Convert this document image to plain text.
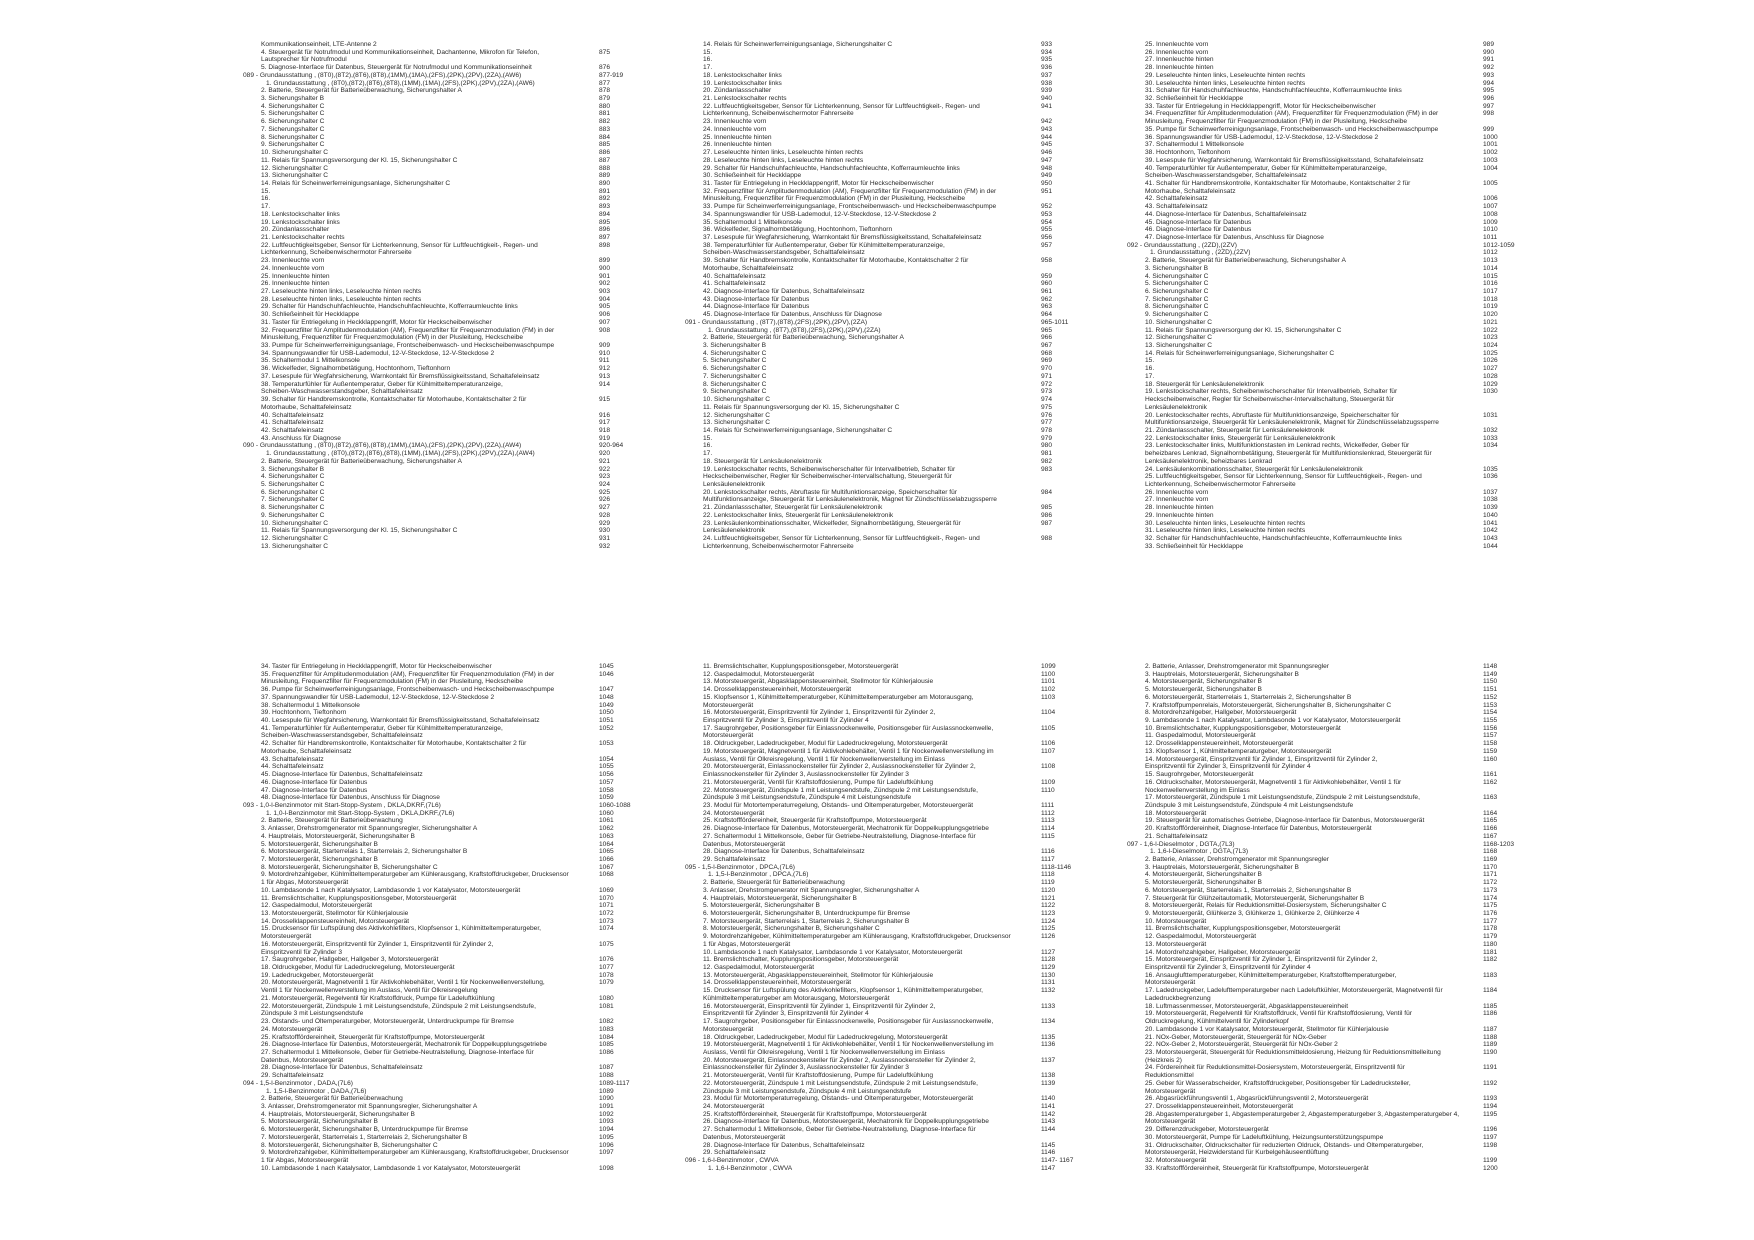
Kommunikationseinheit, LTE-Antenne 2
4. Steuergerät für Notrufmodul und Kommunikationseinheit, Dachantenne, Mikrofon für Telefon,	875
Lautsprecher für Notrufmodul
5. Diagnose-Interface für Datenbus, Steuergerät für Notrufmodul und Kommunikationseinheit	876
089 - Grundausstattung , (8T0),(8T2),(8T6),(8T8),(1MM),(1MA),(2FS),(2PK),(2PV),(2ZA),(AW6)	877-919
1. Grundausstattung , (8T0),(8T2),(8T6),(8T8),(1MM),(1MA),(2FS),(2PK),(2PV),(2ZA),(AW6)	877
2. Batterie, Steuergerät für Batterieüberwachung, Sicherungshalter A	878
3. Sicherungshalter B	879
4. Sicherungshalter C	880
5. Sicherungshalter C	881
6. Sicherungshalter C	882
7. Sicherungshalter C	883
8. Sicherungshalter C	884
9. Sicherungshalter C	885
10. Sicherungshalter C	886
11. Relais für Spannungsversorgung der Kl. 15, Sicherungshalter C	887
12. Sicherungshalter C	888
13. Sicherungshalter C	889
14. Relais für Scheinwerferreinigungsanlage, Sicherungshalter C	890
15.	891
16.	892
17.	893
18. Lenkstockschalter links	894
19. Lenkstockschalter links	895
20. Zündanlassschalter	896
21. Lenkstockschalter rechts	897
22. Luftfeuchtigkeitsgeber, Sensor für Lichterkennung, Sensor für Luftfeuchtigkeit-, Regen- und	898
Lichterkennung, Scheibenwischermotor Fahrerseite
23. Innenleuchte vorn	899
24. Innenleuchte vorn	900
25. Innenleuchte hinten	901
26. Innenleuchte hinten	902
27. Leseleuchte hinten links, Leseleuchte hinten rechts	903
28. Leseleuchte hinten links, Leseleuchte hinten rechts	904
29. Schalter für Handschuhfachleuchte, Handschuhfachleuchte, Kofferraumleuchte links	905
30. Schließeinheit für Heckklappe	906
31. Taster für Entriegelung in Heckklappengriff, Motor für Heckscheibenwischer	907
32. Frequenzfilter für Amplitudenmodulation (AM), Frequenzfilter für Frequenzmodulation (FM) in der	908
Minusleitung, Frequenzfilter für Frequenzmodulation (FM) in der Plusleitung, Heckscheibe
33. Pumpe für Scheinwerferreinigungsanlage, Frontscheibenwasch- und Heckscheibenwaschpumpe	909
34. Spannungswandler für USB-Lademodul, 12-V-Steckdose, 12-V-Steckdose 2	910
35. Schaltermodul 1 Mittelkonsole	911
36. Wickelfeder, Signalhornbetätigung, Hochtonhorn, Tieftonhorn	912
37. Lesespule für Wegfahrsicherung, Warnkontakt für Bremsflüssigkeitsstand, Schaltafeleinsatz	913
38. Temperaturfühler für Außentemperatur, Geber für Kühlmitteltemperaturanzeige,	914
Scheiben-Waschwasserstandsgeber, Schalttafeleinsatz
39. Schalter für Handbremskontrolle, Kontaktschalter für Motorhaube, Kontaktschalter 2 für	915
Motorhaube, Schalttafeleinsatz
40. Schalttafeleinsatz	916
41. Schalttafeleinsatz	917
42. Schalttafeleinsatz	918
43. Anschluss für Diagnose	919
090 - Grundausstattung , (8T0),(8T2),(8T6),(8T8),(1MM),(1MA),(2FS),(2PK),(2PV),(2ZA),(AW4)	920-964
1. Grundausstattung , (8T0),(8T2),(8T6),(8T8),(1MM),(1MA),(2FS),(2PK),(2PV),(2ZA),(AW4)	920
2. Batterie, Steuergerät für Batterieüberwachung, Sicherungshalter A	921
3. Sicherungshalter B	922
4. Sicherungshalter C	923
5. Sicherungshalter C	924
6. Sicherungshalter C	925
7. Sicherungshalter C	926
8. Sicherungshalter C	927
9. Sicherungshalter C	928
10. Sicherungshalter C	929
11. Relais für Spannungsversorgung der Kl. 15, Sicherungshalter C	930
12. Sicherungshalter C	931
13. Sicherungshalter C	932
14. Relais für Scheinwerferreinigungsanlage, Sicherungshalter C	933
15.	934
16.	935
17.	936
18. Lenkstockschalter links	937
19. Lenkstockschalter links	938
20. Zündanlassschalter	939
21. Lenkstockschalter rechts	940
22. Luftfeuchtigkeitsgeber, Sensor für Lichterkennung, Sensor für Luftfeuchtigkeit-, Regen- und	941
Lichterkennung, Scheibenwischermotor Fahrerseite
23. Innenleuchte vorn	942
24. Innenleuchte vorn	943
25. Innenleuchte hinten	944
26. Innenleuchte hinten	945
27. Leseleuchte hinten links, Leseleuchte hinten rechts	946
28. Leseleuchte hinten links, Leseleuchte hinten rechts	947
29. Schalter für Handschuhfachleuchte, Handschuhfachleuchte, Kofferraumleuchte links	948
30. Schließeinheit für Heckklappe	949
31. Taster für Entriegelung in Heckklappengriff, Motor für Heckscheibenwischer	950
32. Frequenzfilter für Amplitudenmodulation (AM), Frequenzfilter für Frequenzmodulation (FM) in der	951
Minusleitung, Frequenzfilter für Frequenzmodulation (FM) in der Plusleitung, Heckscheibe
33. Pumpe für Scheinwerferreinigungsanlage, Frontscheibenwasch- und Heckscheibenwaschpumpe	952
34. Spannungswandler für USB-Lademodul, 12-V-Steckdose, 12-V-Steckdose 2	953
35. Schaltermodul 1 Mittelkonsole	954
36. Wickelfeder, Signalhornbetätigung, Hochtonhorn, Tieftonhorn	955
37. Lesespule für Wegfahrsicherung, Warnkontakt für Bremsflüssigkeitsstand, Schaltafeleinsatz	956
38. Temperaturfühler für Außentemperatur, Geber für Kühlmitteltemperaturanzeige,	957
Scheiben-Waschwasserstandsgeber, Schalttafeleinsatz
39. Schalter für Handbremskontrolle, Kontaktschalter für Motorhaube, Kontaktschalter 2 für	958
Motorhaube, Schalttafeleinsatz
40. Schalttafeleinsatz	959
41. Schalttafeleinsatz	960
42. Diagnose-Interface für Datenbus, Schalttafeleinsatz	961
43. Diagnose-Interface für Datenbus	962
44. Diagnose-Interface für Datenbus	963
45. Diagnose-Interface für Datenbus, Anschluss für Diagnose	964
091 - Grundausstattung , (8T7),(8T8),(2FS),(2PK),(2PV),(2ZA)	965-1011
1. Grundausstattung , (8T7),(8T8),(2FS),(2PK),(2PV),(2ZA)	965
2. Batterie, Steuergerät für Batterieüberwachung, Sicherungshalter A	966
3. Sicherungshalter B	967
4. Sicherungshalter C	968
5. Sicherungshalter C	969
6. Sicherungshalter C	970
7. Sicherungshalter C	971
8. Sicherungshalter C	972
9. Sicherungshalter C	973
10. Sicherungshalter C	974
11. Relais für Spannungsversorgung der Kl. 15, Sicherungshalter C	975
12. Sicherungshalter C	976
13. Sicherungshalter C	977
14. Relais für Scheinwerferreinigungsanlage, Sicherungshalter C	978
15.	979
16.	980
17.	981
18. Steuergerät für Lenksäulenelektronik	982
19. Lenkstockschalter rechts, Scheibenwischerschalter für Intervallbetrieb, Schalter für	983
Heckscheibenwischer, Regler für Scheibenwischer-Intervallschaltung, Steuergerät für
Lenksäulenelektronik
20. Lenkstockschalter rechts, Abruftaste für Multifunktionsanzeige, Speicherschalter für	984
Multifunktionsanzeige, Steuergerät für Lenksäulenelektronik, Magnet für Zündschlüsselabzugssperre
21. Zündanlassschalter, Steuergerät für Lenksäulenelektronik	985
22. Lenkstockschalter links, Steuergerät für Lenksäulenelektronik	986
23. Lenksäulenkombinationsschalter, Wickelfeder, Signalhornbetätigung, Steuergerät für	987
Lenksäulenelektronik
24. Luftfeuchtigkeitsgeber, Sensor für Lichterkennung, Sensor für Luftfeuchtigkeit-, Regen- und	988
Lichterkennung, Scheibenwischermotor Fahrerseite
25. Innenleuchte vorn	989
26. Innenleuchte vorn	990
27. Innenleuchte hinten	991
28. Innenleuchte hinten	992
29. Leseleuchte hinten links, Leseleuchte hinten rechts	993
30. Leseleuchte hinten links, Leseleuchte hinten rechts	994
31. Schalter für Handschuhfachleuchte, Handschuhfachleuchte, Kofferraumleuchte links	995
32. Schließeinheit für Heckklappe	996
33. Taster für Entriegelung in Heckklappengriff, Motor für Heckscheibenwischer	997
34. Frequenzfilter für Amplitudenmodulation (AM), Frequenzfilter für Frequenzmodulation (FM) in der	998
Minusleitung, Frequenzfilter für Frequenzmodulation (FM) in der Plusleitung, Heckscheibe
35. Pumpe für Scheinwerferreinigungsanlage, Frontscheibenwasch- und Heckscheibenwaschpumpe	999
36. Spannungswandler für USB-Lademodul, 12-V-Steckdose, 12-V-Steckdose 2	1000
37. Schaltermodul 1 Mittelkonsole	1001
38. Hochtonhorn, Tieftonhorn	1002
39. Lesespule für Wegfahrsicherung, Warnkontakt für Bremsflüssigkeitsstand, Schaltafeleinsatz	1003
40. Temperaturfühler für Außentemperatur, Geber für Kühlmitteltemperaturanzeige,	1004
Scheiben-Waschwasserstandsgeber, Schalttafeleinsatz
41. Schalter für Handbremskontrolle, Kontaktschalter für Motorhaube, Kontaktschalter 2 für	1005
Motorhaube, Schalttafeleinsatz
42. Schalttafeleinsatz	1006
43. Schalttafeleinsatz	1007
44. Diagnose-Interface für Datenbus, Schalttafeleinsatz	1008
45. Diagnose-Interface für Datenbus	1009
46. Diagnose-Interface für Datenbus	1010
47. Diagnose-Interface für Datenbus, Anschluss für Diagnose	1011
092 - Grundausstattung , (2ZD),(2ZV)	1012-1059
1. Grundausstattung , (2ZD),(2ZV)	1012
2. Batterie, Steuergerät für Batterieüberwachung, Sicherungshalter A	1013
3. Sicherungshalter B	1014
4. Sicherungshalter C	1015
5. Sicherungshalter C	1016
6. Sicherungshalter C	1017
7. Sicherungshalter C	1018
8. Sicherungshalter C	1019
9. Sicherungshalter C	1020
10. Sicherungshalter C	1021
11. Relais für Spannungsversorgung der Kl. 15, Sicherungshalter C	1022
12. Sicherungshalter C	1023
13. Sicherungshalter C	1024
14. Relais für Scheinwerferreinigungsanlage, Sicherungshalter C	1025
15.	1026
16.	1027
17.	1028
18. Steuergerät für Lenksäulenelektronik	1029
19. Lenkstockschalter rechts, Scheibenwischerschalter für Intervallbetrieb, Schalter für	1030
Heckscheibenwischer, Regler für Scheibenwischer-Intervallschaltung, Steuergerät für
Lenksäulenelektronik
20. Lenkstockschalter rechts, Abruftaste für Multifunktionsanzeige, Speicherschalter für	1031
Multifunktionsanzeige, Steuergerät für Lenksäulenelektronik, Magnet für Zündschlüsselabzugssperre
21. Zündanlassschalter, Steuergerät für Lenksäulenelektronik	1032
22. Lenkstockschalter links, Steuergerät für Lenksäulenelektronik	1033
23. Lenkstockschalter links, Multifunktionstasten im Lenkrad rechts, Wickelfeder, Geber für	1034
beheizbares Lenkrad, Signalhornbetätigung, Steuergerät für Multifunktionslenkrad, Steuergerät für
Lenksäulenelektronik, beheizbares Lenkrad
24. Lenksäulenkombinationsschalter, Steuergerät für Lenksäulenelektronik	1035
25. Luftfeuchtigkeitsgeber, Sensor für Lichterkennung, Sensor für Luftfeuchtigkeit-, Regen- und	1036
Lichterkennung, Scheibenwischermotor Fahrerseite
26. Innenleuchte vorn	1037
27. Innenleuchte vorn	1038
28. Innenleuchte hinten	1039
29. Innenleuchte hinten	1040
30. Leseleuchte hinten links, Leseleuchte hinten rechts	1041
31. Leseleuchte hinten links, Leseleuchte hinten rechts	1042
32. Schalter für Handschuhfachleuchte, Handschuhfachleuchte, Kofferraumleuchte links	1043
33. Schließeinheit für Heckklappe	1044
34. Taster für Entriegelung in Heckklappengriff, Motor für Heckscheibenwischer	1045
35. Frequenzfilter für Amplitudenmodulation (AM), Frequenzfilter für Frequenzmodulation (FM) in der	1046
Minusleitung, Frequenzfilter für Frequenzmodulation (FM) in der Plusleitung, Heckscheibe
36. Pumpe für Scheinwerferreinigungsanlage, Frontscheibenwasch- und Heckscheibenwaschpumpe	1047
37. Spannungswandler für USB-Lademodul, 12-V-Steckdose, 12-V-Steckdose 2	1048
38. Schaltermodul 1 Mittelkonsole	1049
39. Hochtonhorn, Tieftonhorn	1050
40. Lesespule für Wegfahrsicherung, Warnkontakt für Bremsflüssigkeitsstand, Schaltafeleinsatz	1051
41. Temperaturfühler für Außentemperatur, Geber für Kühlmitteltemperaturanzeige,	1052
Scheiben-Waschwasserstandsgeber, Schalttafeleinsatz
42. Schalter für Handbremskontrolle, Kontaktschalter für Motorhaube, Kontaktschalter 2 für	1053
Motorhaube, Schalttafeleinsatz
43. Schalttafeleinsatz	1054
44. Schalttafeleinsatz	1055
45. Diagnose-Interface für Datenbus, Schalttafeleinsatz	1056
46. Diagnose-Interface für Datenbus	1057
47. Diagnose-Interface für Datenbus	1058
48. Diagnose-Interface für Datenbus, Anschluss für Diagnose	1059
093 - 1,0-l-Benzinmotor mit Start-Stopp-System , DKLA,DKRF,(7L6)	1060-1088
1. 1,0-l-Benzinmotor mit Start-Stopp-System , DKLA,DKRF,(7L6)	1060
2. Batterie, Steuergerät für Batterieüberwachung	1061
3. Anlasser, Drehstromgenerator mit Spannungsregler, Sicherungshalter A	1062
4. Hauptrelais, Motorsteuergerät, Sicherungshalter B	1063
5. Motorsteuergerät, Sicherungshalter B	1064
6. Motorsteuergerät, Starterrelais 1, Starterrelais 2, Sicherungshalter B	1065
7. Motorsteuergerät, Sicherungshalter B	1066
8. Motorsteuergerät, Sicherungshalter B, Sicherungshalter C	1067
9. Motordrehzahlgeber, Kühlmitteltemperaturgeber am Kühlerausgang, Kraftstoffdruckgeber, Drucksensor	1068
1 für Abgas, Motorsteuergerät
10. Lambdasonde 1 nach Katalysator, Lambdasonde 1 vor Katalysator, Motorsteuergerät	1069
11. Bremslichtschalter, Kupplungspositionsgeber, Motorsteuergerät	1070
12. Gaspedalmodul, Motorsteuergerät	1071
13. Motorsteuergerät, Stellmotor für Kühlerjalousie	1072
14. Drosselklappensteuereinheit, Motorsteuergerät	1073
15. Drucksensor für Luftspülung des Aktivkohlefilters, Klopfsensor 1, Kühlmitteltemperaturgeber,	1074
Motorsteuergerät
16. Motorsteuergerät, Einspritzventil für Zylinder 1, Einspritzventil für Zylinder 2,	1075
Einspritzventil für Zylinder 3
17. Saugrohrgeber, Hallgeber, Hallgeber 3, Motorsteuergerät	1076
18. Öldruckgeber, Modul für Ladedruckregelung, Motorsteuergerät	1077
19. Ladedruckgeber, Motorsteuergerät	1078
20. Motorsteuergerät, Magnetventil 1 für Aktivkohlebehälter, Ventil 1 für Nockenwellenverstellung,	1079
Ventil 1 für Nockenwellenverstellung im Auslass, Ventil für Ölkreisregelung
21. Motorsteuergerät, Regelventil für Kraftstoffdruck, Pumpe für Ladeluftkühlung	1080
22. Motorsteuergerät, Zündspule 1 mit Leistungsendstufe, Zündspule 2 mit Leistungsendstufe,	1081
Zündspule 3 mit Leistungsendstufe
23. Ölstands- und Öltemperaturgeber, Motorsteuergerät, Unterdruckpumpe für Bremse	1082
24. Motorsteuergerät	1083
25. Kraftstofffördereinheit, Steuergerät für Kraftstoffpumpe, Motorsteuergerät	1084
26. Diagnose-Interface für Datenbus, Motorsteuergerät, Mechatronik für Doppelkupplungsgetriebe	1085
27. Schaltermodul 1 Mittelkonsole, Geber für Getriebe-Neutralstellung, Diagnose-Interface für	1086
Datenbus, Motorsteuergerät
28. Diagnose-Interface für Datenbus, Schalttafeleinsatz	1087
29. Schalttafeleinsatz	1088
094 - 1,5-l-Benzinmotor , DADA,(7L6)	1089-1117
1. 1,5-l-Benzinmotor , DADA,(7L6)	1089
2. Batterie, Steuergerät für Batterieüberwachung	1090
3. Anlasser, Drehstromgenerator mit Spannungsregler, Sicherungshalter A	1091
4. Hauptrelais, Motorsteuergerät, Sicherungshalter B	1092
5. Motorsteuergerät, Sicherungshalter B	1093
6. Motorsteuergerät, Sicherungshalter B, Unterdruckpumpe für Bremse	1094
7. Motorsteuergerät, Starterrelais 1, Starterrelais 2, Sicherungshalter B	1095
8. Motorsteuergerät, Sicherungshalter B, Sicherungshalter C	1096
9. Motordrehzahlgeber, Kühlmitteltemperaturgeber am Kühlerausgang, Kraftstoffdruckgeber, Drucksensor	1097
1 für Abgas, Motorsteuergerät
10. Lambdasonde 1 nach Katalysator, Lambdasonde 1 vor Katalysator, Motorsteuergerät	1098
11. Bremslichtschalter, Kupplungspositionsgeber, Motorsteuergerät	1099
12. Gaspedalmodul, Motorsteuergerät	1100
13. Motorsteuergerät, Abgasklappensteuereinheit, Stellmotor für Kühlerjalousie	1101
14. Drosselklappensteuereinheit, Motorsteuergerät	1102
15. Klopfsensor 1, Kühlmitteltemperaturgeber, Kühlmitteltemperaturgeber am Motorausgang,	1103
Motorsteuergerät
16. Motorsteuergerät, Einspritzventil für Zylinder 1, Einspritzventil für Zylinder 2,	1104
Einspritzventil für Zylinder 3, Einspritzventil für Zylinder 4
17. Saugrohrgeber, Positionsgeber für Einlassnockenwelle, Positionsgeber für Auslassnockenwelle,	1105
Motorsteuergerät
18. Öldruckgeber, Ladedruckgeber, Modul für Ladedruckregelung, Motorsteuergerät	1106
19. Motorsteuergerät, Magnetventil 1 für Aktivkohlebehälter, Ventil 1 für Nockenwellenverstellung im	1107
Auslass, Ventil für Ölkreisregelung, Ventil 1 für Nockenwellenverstellung im Einlass
20. Motorsteuergerät, Einlassnockensteller für Zylinder 2, Auslassnockensteller für Zylinder 2,	1108
Einlassnockensteller für Zylinder 3, Auslassnockensteller für Zylinder 3
21. Motorsteuergerät, Ventil für Kraftstoffdosierung, Pumpe für Ladeluftkühlung	1109
22. Motorsteuergerät, Zündspule 1 mit Leistungsendstufe, Zündspule 2 mit Leistungsendstufe,	1110
Zündspule 3 mit Leistungsendstufe, Zündspule 4 mit Leistungsendstufe
23. Modul für Motortemperaturregelung, Ölstands- und Öltemperaturgeber, Motorsteuergerät	1111
24. Motorsteuergerät	1112
25. Kraftstofffördereinheit, Steuergerät für Kraftstoffpumpe, Motorsteuergerät	1113
26. Diagnose-Interface für Datenbus, Motorsteuergerät, Mechatronik für Doppelkupplungsgetriebe	1114
27. Schaltermodul 1 Mittelkonsole, Geber für Getriebe-Neutralstellung, Diagnose-Interface für	1115
Datenbus, Motorsteuergerät
28. Diagnose-Interface für Datenbus, Schalttafeleinsatz	1116
29. Schalttafeleinsatz	1117
095 - 1,5-l-Benzinmotor , DPCA,(7L6)	1118-1146
1. 1,5-l-Benzinmotor , DPCA,(7L6)	1118
2. Batterie, Steuergerät für Batterieüberwachung	1119
3. Anlasser, Drehstromgenerator mit Spannungsregler, Sicherungshalter A	1120
4. Hauptrelais, Motorsteuergerät, Sicherungshalter B	1121
5. Motorsteuergerät, Sicherungshalter B	1122
6. Motorsteuergerät, Sicherungshalter B, Unterdruckpumpe für Bremse	1123
7. Motorsteuergerät, Starterrelais 1, Starterrelais 2, Sicherungshalter B	1124
8. Motorsteuergerät, Sicherungshalter B, Sicherungshalter C	1125
9. Motordrehzahlgeber, Kühlmitteltemperaturgeber am Kühlerausgang, Kraftstoffdruckgeber, Drucksensor	1126
1 für Abgas, Motorsteuergerät
10. Lambdasonde 1 nach Katalysator, Lambdasonde 1 vor Katalysator, Motorsteuergerät	1127
11. Bremslichtschalter, Kupplungspositionsgeber, Motorsteuergerät	1128
12. Gaspedalmodul, Motorsteuergerät	1129
13. Motorsteuergerät, Abgasklappensteuereinheit, Stellmotor für Kühlerjalousie	1130
14. Drosselklappensteuereinheit, Motorsteuergerät	1131
15. Drucksensor für Luftspülung des Aktivkohlefilters, Klopfsensor 1, Kühlmitteltemperaturgeber,	1132
Kühlmitteltemperaturgeber am Motorausgang, Motorsteuergerät
16. Motorsteuergerät, Einspritzventil für Zylinder 1, Einspritzventil für Zylinder 2,	1133
Einspritzventil für Zylinder 3, Einspritzventil für Zylinder 4
17. Saugrohrgeber, Positionsgeber für Einlassnockenwelle, Positionsgeber für Auslassnockenwelle,	1134
Motorsteuergerät
18. Öldruckgeber, Ladedruckgeber, Modul für Ladedruckregelung, Motorsteuergerät	1135
19. Motorsteuergerät, Magnetventil 1 für Aktivkohlebehälter, Ventil 1 für Nockenwellenverstellung im	1136
Auslass, Ventil für Ölkreisregelung, Ventil 1 für Nockenwellenverstellung im Einlass
20. Motorsteuergerät, Einlassnockensteller für Zylinder 2, Auslassnockensteller für Zylinder 2,	1137
Einlassnockensteller für Zylinder 3, Auslassnockensteller für Zylinder 3
21. Motorsteuergerät, Ventil für Kraftstoffdosierung, Pumpe für Ladeluftkühlung	1138
22. Motorsteuergerät, Zündspule 1 mit Leistungsendstufe, Zündspule 2 mit Leistungsendstufe,	1139
Zündspule 3 mit Leistungsendstufe, Zündspule 4 mit Leistungsendstufe
23. Modul für Motortemperaturregelung, Ölstands- und Öltemperaturgeber, Motorsteuergerät	1140
24. Motorsteuergerät	1141
25. Kraftstofffördereinheit, Steuergerät für Kraftstoffpumpe, Motorsteuergerät	1142
26. Diagnose-Interface für Datenbus, Motorsteuergerät, Mechatronik für Doppelkupplungsgetriebe	1143
27. Schaltermodul 1 Mittelkonsole, Geber für Getriebe-Neutralstellung, Diagnose-Interface für	1144
Datenbus, Motorsteuergerät
28. Diagnose-Interface für Datenbus, Schalttafeleinsatz	1145
29. Schalttafeleinsatz	1146
096 - 1,6-l-Benzinmotor , CWVA	1147- 1167
1. 1,6-l-Benzinmotor , CWVA	1147
2. Batterie, Anlasser, Drehstromgenerator mit Spannungsregler	1148
3. Hauptrelais, Motorsteuergerät, Sicherungshalter B	1149
4. Motorsteuergerät, Sicherungshalter B	1150
5. Motorsteuergerät, Sicherungshalter B	1151
6. Motorsteuergerät, Starterrelais 1, Starterrelais 2, Sicherungshalter B	1152
7. Kraftstoffpumpenrelais, Motorsteuergerät, Sicherungshalter B, Sicherungshalter C	1153
8. Motordrehzahlgeber, Hallgeber, Motorsteuergerät	1154
9. Lambdasonde 1 nach Katalysator, Lambdasonde 1 vor Katalysator, Motorsteuergerät	1155
10. Bremslichtschalter, Kupplungspositionsgeber, Motorsteuergerät	1156
11. Gaspedalmodul, Motorsteuergerät	1157
12. Drosselklappensteuereinheit, Motorsteuergerät	1158
13. Klopfsensor 1, Kühlmitteltemperaturgeber, Motorsteuergerät	1159
14. Motorsteuergerät, Einspritzventil für Zylinder 1, Einspritzventil für Zylinder 2,	1160
Einspritzventil für Zylinder 3, Einspritzventil für Zylinder 4
15. Saugrohrgeber, Motorsteuergerät	1161
16. Öldruckschalter, Motorsteuergerät, Magnetventil 1 für Aktivkohlebehälter, Ventil 1 für	1162
Nockenwellenverstellung im Einlass
17. Motorsteuergerät, Zündspule 1 mit Leistungsendstufe, Zündspule 2 mit Leistungsendstufe,	1163
Zündspule 3 mit Leistungsendstufe, Zündspule 4 mit Leistungsendstufe
18. Motorsteuergerät	1164
19. Steuergerät für automatisches Getriebe, Diagnose-Interface für Datenbus, Motorsteuergerät	1165
20. Kraftstofffördereinheit, Diagnose-Interface für Datenbus, Motorsteuergerät	1166
21. Schalttafeleinsatz	1167
097 - 1,6-l-Dieselmotor , DGTA,(7L3)	1168-1203
1. 1,6-l-Dieselmotor , DGTA,(7L3)	1168
2. Batterie, Anlasser, Drehstromgenerator mit Spannungsregler	1169
3. Hauptrelais, Motorsteuergerät, Sicherungshalter B	1170
4. Motorsteuergerät, Sicherungshalter B	1171
5. Motorsteuergerät, Sicherungshalter B	1172
6. Motorsteuergerät, Starterrelais 1, Starterrelais 2, Sicherungshalter B	1173
7. Steuergerät für Glühzeitautomatik, Motorsteuergerät, Sicherungshalter B	1174
8. Motorsteuergerät, Relais für Reduktionsmittel-Dosiersystem, Sicherungshalter C	1175
9. Motorsteuergerät, Glühkerze 3, Glühkerze 1, Glühkerze 2, Glühkerze 4	1176
10. Motorsteuergerät	1177
11. Bremslichtschalter, Kupplungspositionsgeber, Motorsteuergerät	1178
12. Gaspedalmodul, Motorsteuergerät	1179
13. Motorsteuergerät	1180
14. Motordrehzahlgeber, Hallgeber, Motorsteuergerät	1181
15. Motorsteuergerät, Einspritzventil für Zylinder 1, Einspritzventil für Zylinder 2,	1182
Einspritzventil für Zylinder 3, Einspritzventil für Zylinder 4
16. Ansauglufttemperaturgeber, Kühlmitteltemperaturgeber, Kraftstofftemperaturgeber,	1183
Motorsteuergerät
17. Ladedruckgeber, Ladelufttemperaturgeber nach Ladeluftkühler, Motorsteuergerät, Magnetventil für	1184
Ladedruckbegrenzung
18. Luftmassenmesser, Motorsteuergerät, Abgasklappensteuereinheit	1185
19. Motorsteuergerät, Regelventil für Kraftstoffdruck, Ventil für Kraftstoffdosierung, Ventil für	1186
Öldruckregelung, Kühlmittelventil für Zylinderkopf
20. Lambdasonde 1 vor Katalysator, Motorsteuergerät, Stellmotor für Kühlerjalousie	1187
21. NOx-Geber, Motorsteuergerät, Steuergerät für NOx-Geber	1188
22. NOx-Geber 2, Motorsteuergerät, Steuergerät für NOx-Geber 2	1189
23. Motorsteuergerät, Steuergerät für Reduktionsmitteldosierung, Heizung für Reduktionsmittelleitung	1190
(Heizkreis 2)
24. Fördereinheit für Reduktionsmittel-Dosiersystem, Motorsteuergerät, Einspritzventil für	1191
Reduktionsmittel
25. Geber für Wasserabscheider, Kraftstoffdruckgeber, Positionsgeber für Ladedrucksteller,	1192
Motorsteuergerät
26. Abgasrückführungsventil 1, Abgasrückführungsventil 2, Motorsteuergerät	1193
27. Drosselklappensteuereinheit, Motorsteuergerät	1194
28. Abgastemperaturgeber 1, Abgastemperaturgeber 2, Abgastemperaturgeber 3, Abgastemperaturgeber 4,	1195
Motorsteuergerät
29. Differenzdruckgeber, Motorsteuergerät	1196
30. Motorsteuergerät, Pumpe für Ladeluftkühlung, Heizungsunterstützungspumpe	1197
31. Öldruckschalter, Öldruckschalter für reduzierten Öldruck, Ölstands- und Öltemperaturgeber,	1198
Motorsteuergerät, Heizwiderstand für Kurbelgehäuseentlüftung
32. Motorsteuergerät	1199
33. Kraftstofffördereinheit, Steuergerät für Kraftstoffpumpe, Motorsteuergerät	1200
